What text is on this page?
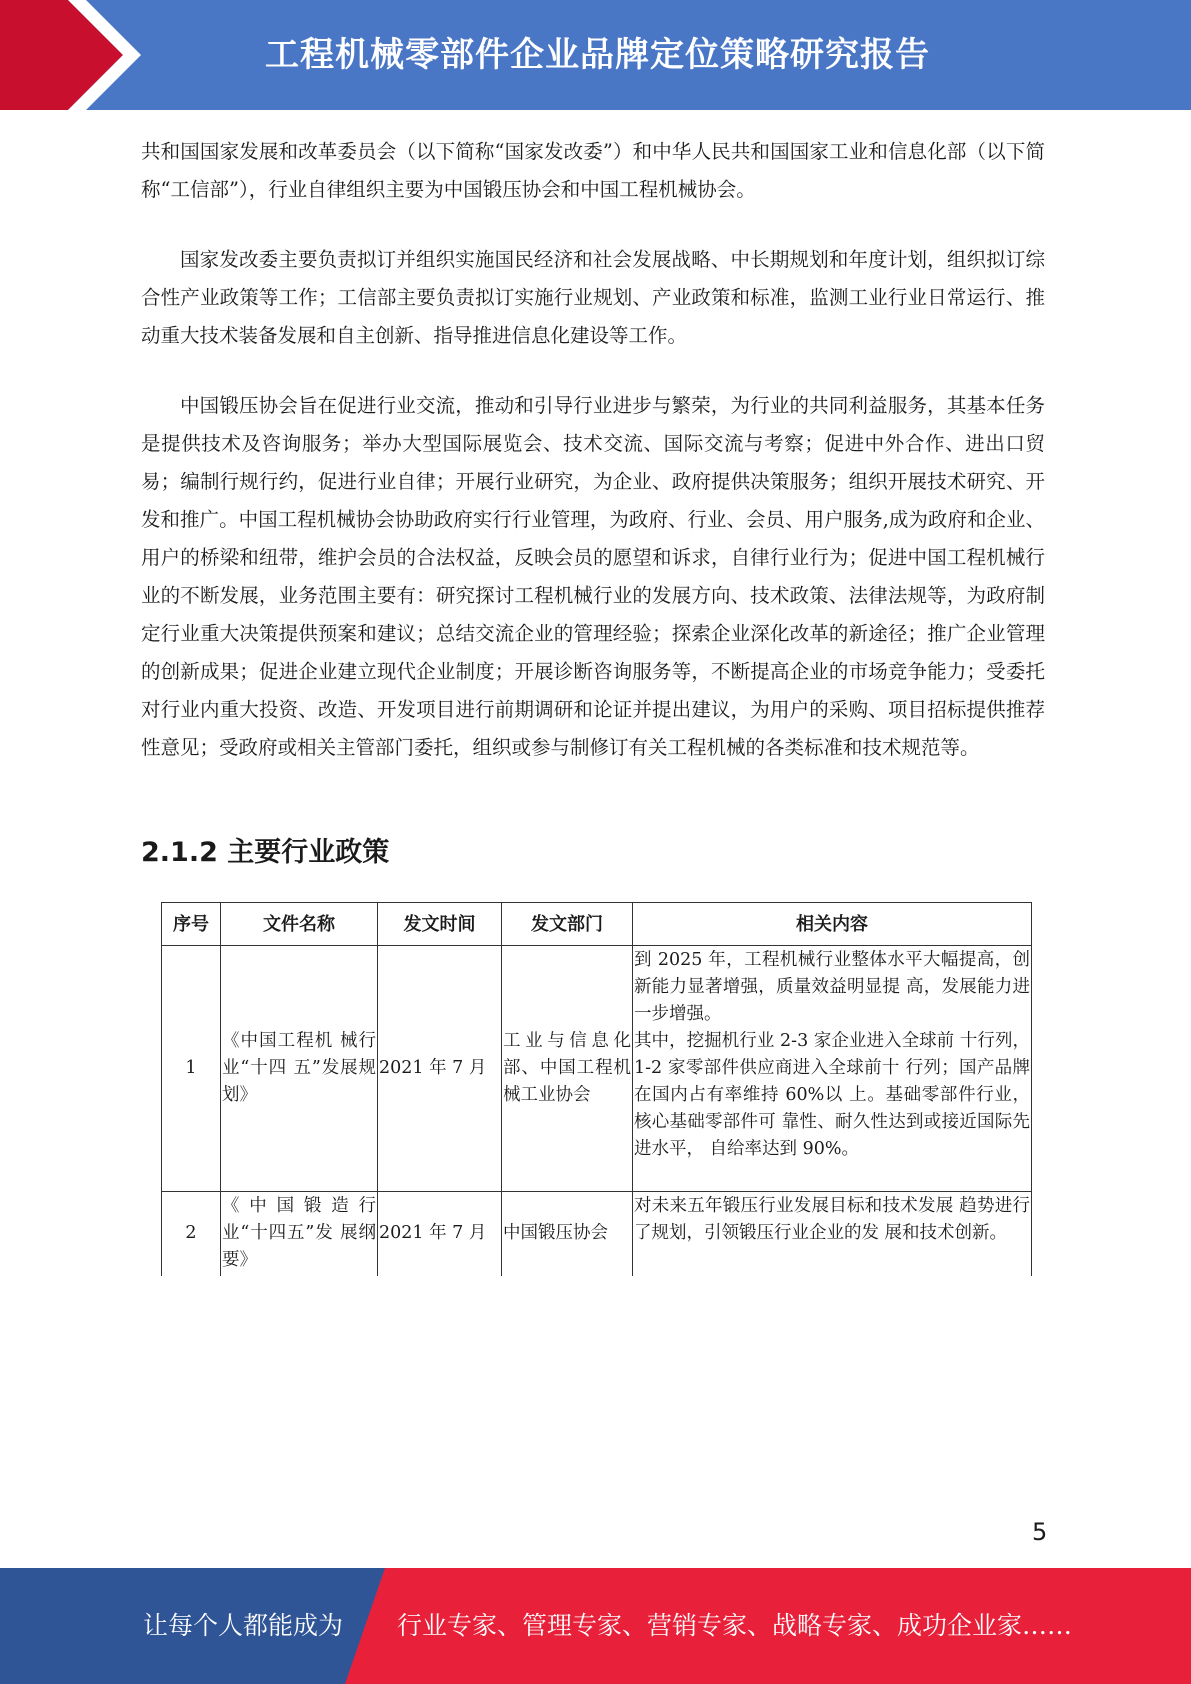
工程机械零部件企业品牌定位策略研究报告

共和国国家发展和改革委员会（以下简称“国家发改委”）和中华人民共和国国家工业和信息化部（以下简称“工信部”），行业自律组织主要为中国锻压协会和中国工程机械协会。

国家发改委主要负责拟订并组织实施国民经济和社会发展战略、中长期规划和年度计划，组织拟订综合性产业政策等工作；工信部主要负责拟订实施行业规划、产业政策和标准，监测工业行业日常运行、推动重大技术装备发展和自主创新、指导推进信息化建设等工作。

中国锻压协会旨在促进行业交流，推动和引导行业进步与繁荣，为行业的共同利益服务，其基本任务是提供技术及咨询服务；举办大型国际展览会、技术交流、国际交流与考察；促进中外合作、进出口贸易；编制行规行约，促进行业自律；开展行业研究，为企业、政府提供决策服务；组织开展技术研究、开发和推广。中国工程机械协会协助政府实行行业管理，为政府、行业、会员、用户服务,成为政府和企业、用户的桥梁和纽带，维护会员的合法权益，反映会员的愿望和诉求，自律行业行为；促进中国工程机械行业的不断发展，业务范围主要有：研究探讨工程机械行业的发展方向、技术政策、法律法规等，为政府制定行业重大决策提供预案和建议；总结交流企业的管理经验；探索企业深化改革的新途径；推广企业管理的创新成果；促进企业建立现代企业制度；开展诊断咨询服务等，不断提高企业的市场竞争能力；受委托对行业内重大投资、改造、开发项目进行前期调研和论证并提出建议，为用户的采购、项目招标提供推荐性意见；受政府或相关主管部门委托，组织或参与制修订有关工程机械的各类标准和技术规范等。

2.1.2 主要行业政策
序号	文件名称	发文时间	发文部门	相关内容
1	《中国工程机 械行业“十四 五”发展规划》	2021 年 7 月	工业与信息化部、中国工程机械工业协会	到 2025 年，工程机械行业整体水平大幅提高，创新能力显著增强，质量效益明显提 高，发展能力进一步增强。
其中，挖掘机行业 2-3 家企业进入全球前 十行列，1-2 家零部件供应商进入全球前十 行列；国产品牌在国内占有率维持 60%以 上。基础零部件行业，核心基础零部件可 靠性、耐久性达到或接近国际先进水平， 自给率达到 90%。

2	《中国锻造行 业“十四五”发 展纲要》	2021 年 7 月	中国锻压协会	对未来五年锻压行业发展目标和技术发展 趋势进行了规划，引领锻压行业企业的发 展和技术创新。
5
让每个人都能成为 行业专家、管理专家、营销专家、战略专家、成功企业家……
